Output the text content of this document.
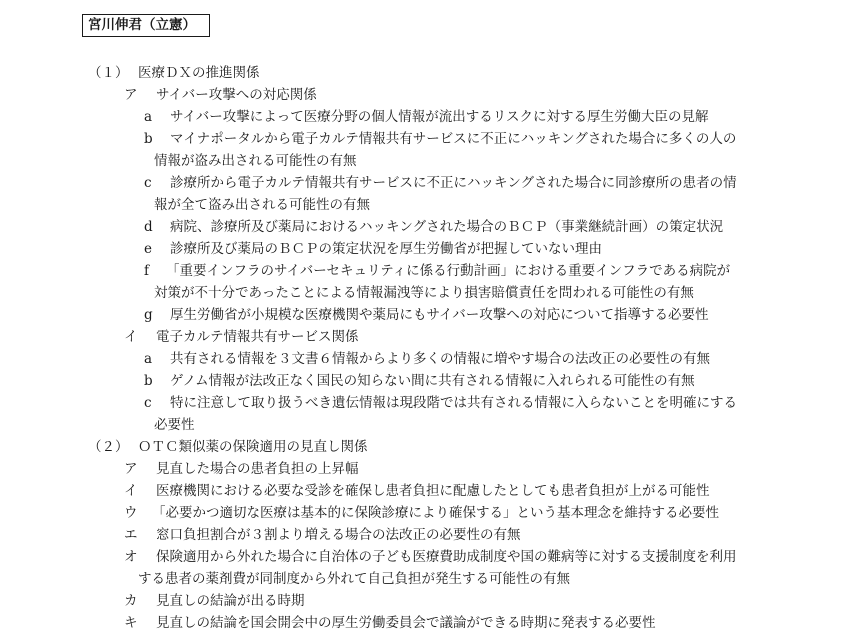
宮川伸君（立憲）
（１） 医療ＤＸの推進関係
ア サイバー攻撃への対応関係
a サイバー攻撃によって医療分野の個人情報が流出するリスクに対する厚生労働大臣の見解
b マイナポータルから電子カルテ情報共有サービスに不正にハッキングされた場合に多くの人の
情報が盗み出される可能性の有無
c 診療所から電子カルテ情報共有サービスに不正にハッキングされた場合に同診療所の患者の情
報が全て盗み出される可能性の有無
d 病院、診療所及び薬局におけるハッキングされた場合のＢＣＰ（事業継続計画）の策定状況
e 診療所及び薬局のＢＣＰの策定状況を厚生労働省が把握していない理由
f 「重要インフラのサイバーセキュリティに係る行動計画」における重要インフラである病院が
対策が不十分であったことによる情報漏洩等により損害賠償責任を問われる可能性の有無
g 厚生労働省が小規模な医療機関や薬局にもサイバー攻撃への対応について指導する必要性
イ 電子カルテ情報共有サービス関係
a 共有される情報を３文書６情報からより多くの情報に増やす場合の法改正の必要性の有無
b ゲノム情報が法改正なく国民の知らない間に共有される情報に入れられる可能性の有無
c 特に注意して取り扱うべき遺伝情報は現段階では共有される情報に入らないことを明確にする
必要性
（２） ＯＴＣ類似薬の保険適用の見直し関係
ア 見直した場合の患者負担の上昇幅
イ 医療機関における必要な受診を確保し患者負担に配慮したとしても患者負担が上がる可能性
ウ 「必要かつ適切な医療は基本的に保険診療により確保する」という基本理念を維持する必要性
エ 窓口負担割合が３割より増える場合の法改正の必要性の有無
オ 保険適用から外れた場合に自治体の子ども医療費助成制度や国の難病等に対する支援制度を利用
する患者の薬剤費が同制度から外れて自己負担が発生する可能性の有無
カ 見直しの結論が出る時期
キ 見直しの結論を国会開会中の厚生労働委員会で議論ができる時期に発表する必要性
